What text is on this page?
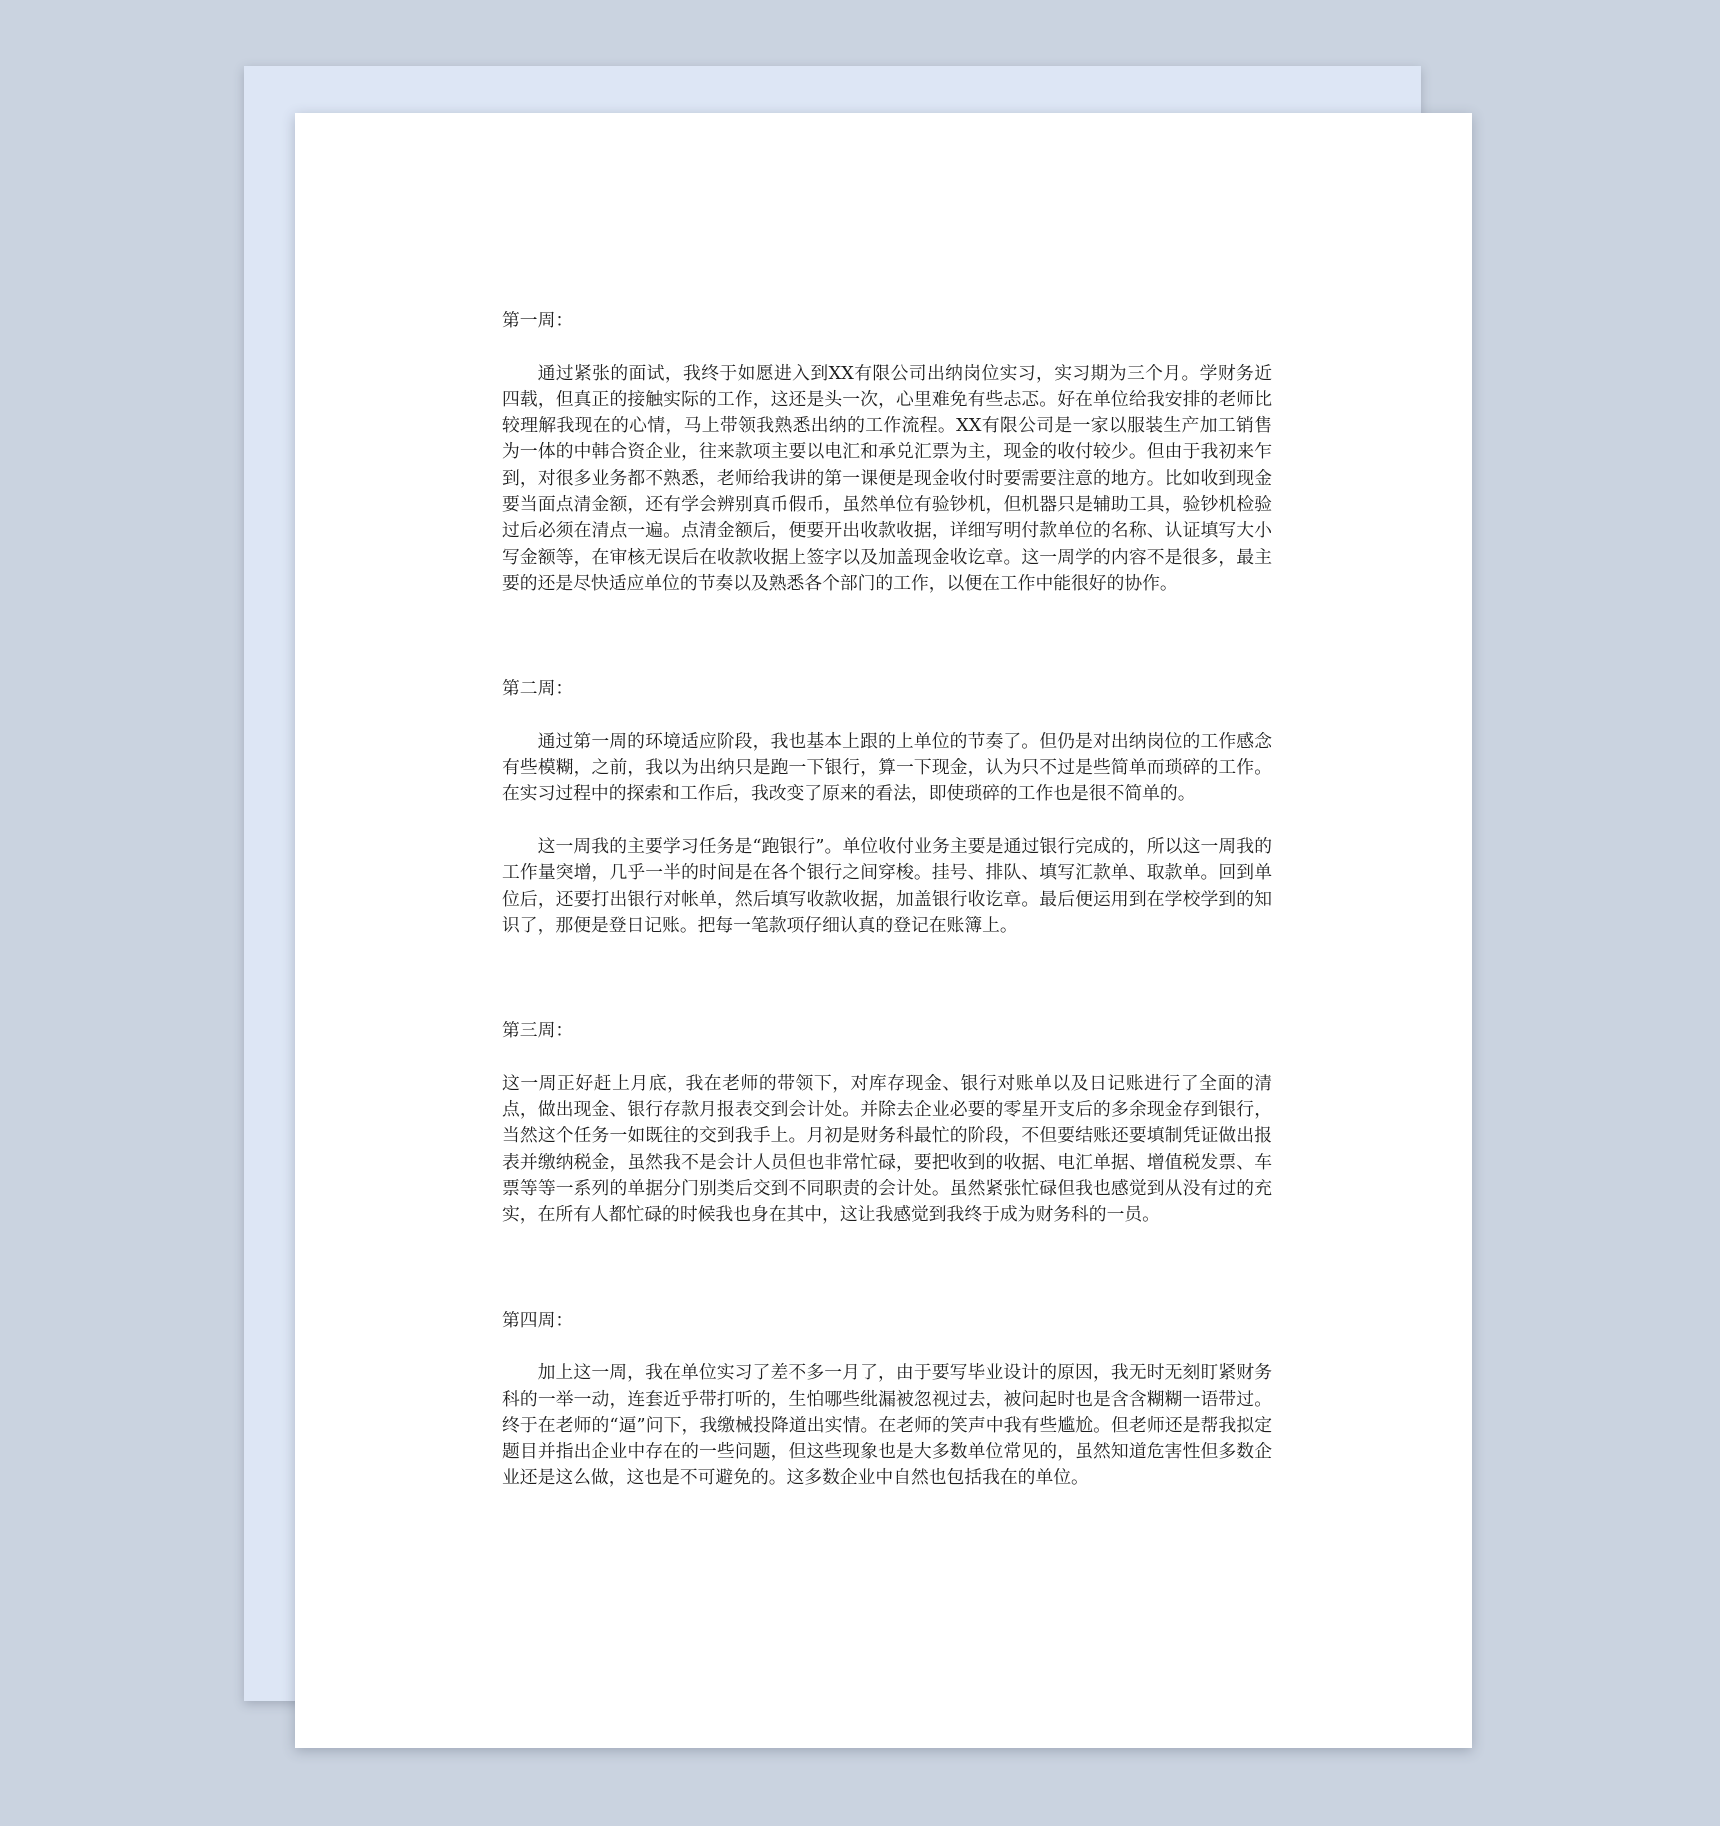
第一周：

通过紧张的面试，我终于如愿进入到XX有限公司出纳岗位实习，实习期为三个月。学财务近四载，但真正的接触实际的工作，这还是头一次，心里难免有些忐忑。好在单位给我安排的老师比较理解我现在的心情，马上带领我熟悉出纳的工作流程。XX有限公司是一家以服装生产加工销售为一体的中韩合资企业，往来款项主要以电汇和承兑汇票为主，现金的收付较少。但由于我初来乍到，对很多业务都不熟悉，老师给我讲的第一课便是现金收付时要需要注意的地方。比如收到现金要当面点清金额，还有学会辨别真币假币，虽然单位有验钞机，但机器只是辅助工具，验钞机检验过后必须在清点一遍。点清金额后，便要开出收款收据，详细写明付款单位的名称、认证填写大小写金额等，在审核无误后在收款收据上签字以及加盖现金收讫章。这一周学的内容不是很多，最主要的还是尽快适应单位的节奏以及熟悉各个部门的工作，以便在工作中能很好的协作。

第二周：

通过第一周的环境适应阶段，我也基本上跟的上单位的节奏了。但仍是对出纳岗位的工作感念有些模糊，之前，我以为出纳只是跑一下银行，算一下现金，认为只不过是些简单而琐碎的工作。在实习过程中的探索和工作后，我改变了原来的看法，即使琐碎的工作也是很不简单的。

这一周我的主要学习任务是“跑银行”。单位收付业务主要是通过银行完成的，所以这一周我的工作量突增，几乎一半的时间是在各个银行之间穿梭。挂号、排队、填写汇款单、取款单。回到单位后，还要打出银行对帐单，然后填写收款收据，加盖银行收讫章。最后便运用到在学校学到的知识了，那便是登日记账。把每一笔款项仔细认真的登记在账簿上。

第三周：

这一周正好赶上月底，我在老师的带领下，对库存现金、银行对账单以及日记账进行了全面的清点，做出现金、银行存款月报表交到会计处。并除去企业必要的零星开支后的多余现金存到银行，当然这个任务一如既往的交到我手上。月初是财务科最忙的阶段，不但要结账还要填制凭证做出报表并缴纳税金，虽然我不是会计人员但也非常忙碌，要把收到的收据、电汇单据、增值税发票、车票等等一系列的单据分门别类后交到不同职责的会计处。虽然紧张忙碌但我也感觉到从没有过的充实，在所有人都忙碌的时候我也身在其中，这让我感觉到我终于成为财务科的一员。

第四周：

加上这一周，我在单位实习了差不多一月了，由于要写毕业设计的原因，我无时无刻盯紧财务科的一举一动，连套近乎带打听的，生怕哪些纰漏被忽视过去，被问起时也是含含糊糊一语带过。终于在老师的“逼”问下，我缴械投降道出实情。在老师的笑声中我有些尴尬。但老师还是帮我拟定题目并指出企业中存在的一些问题，但这些现象也是大多数单位常见的，虽然知道危害性但多数企业还是这么做，这也是不可避免的。这多数企业中自然也包括我在的单位。
